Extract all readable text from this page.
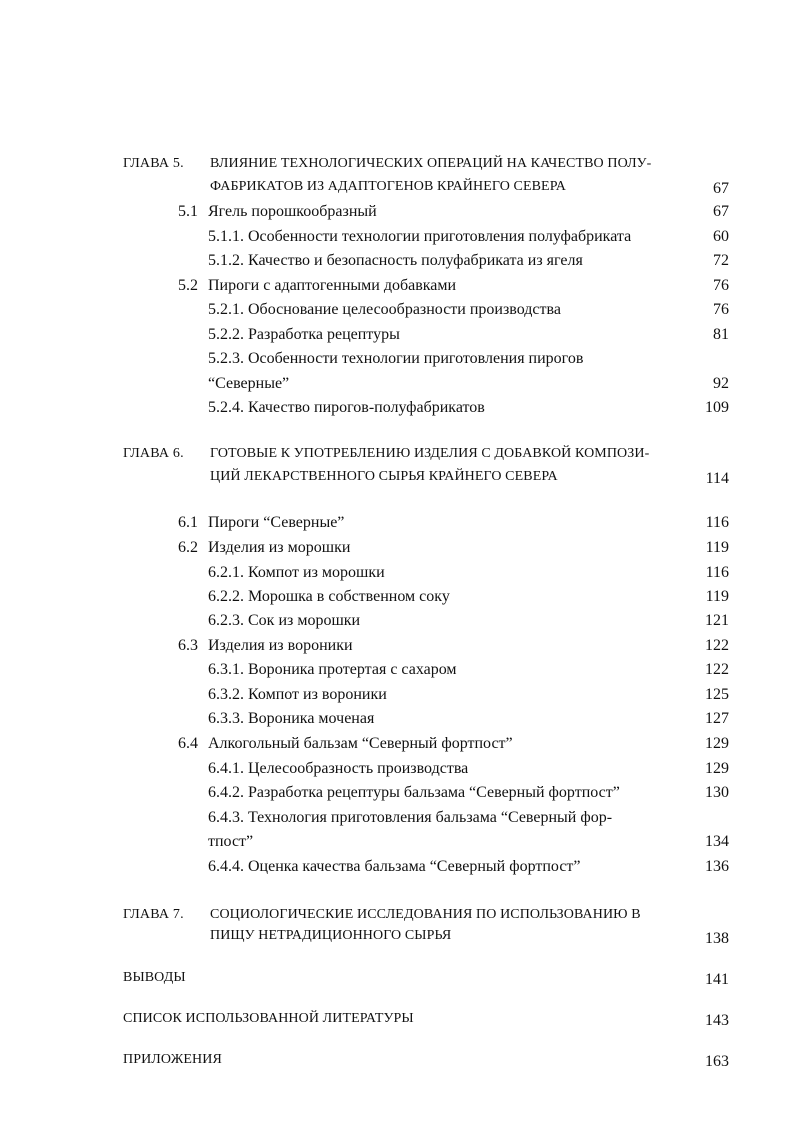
ГЛАВА 5. ВЛИЯНИЕ ТЕХНОЛОГИЧЕСКИХ ОПЕРАЦИЙ НА КАЧЕСТВО ПОЛУ-
ФАБРИКАТОВ ИЗ АДАПТОГЕНОВ КРАЙНЕГО СЕВЕРА	67
5.1 Ягель порошкообразный	67
5.1.1. Особенности технологии приготовления полуфабриката	60
5.1.2. Качество и безопасность полуфабриката из ягеля	72
5.2 Пироги с адаптогенными добавками	76
5.2.1. Обоснование целесообразности производства	76
5.2.2. Разработка рецептуры	81
5.2.3. Особенности технологии приготовления пирогов
“Северные”	92
5.2.4. Качество пирогов-полуфабрикатов	109
ГЛАВА 6. ГОТОВЫЕ К УПОТРЕБЛЕНИЮ ИЗДЕЛИЯ С ДОБАВКОЙ КОМПОЗИ-
ЦИЙ ЛЕКАРСТВЕННОГО СЫРЬЯ КРАЙНЕГО СЕВЕРА	114
6.1 Пироги “Северные”	116
6.2 Изделия из морошки	119
6.2.1. Компот из морошки	116
6.2.2. Морошка в собственном соку	119
6.2.3. Сок из морошки	121
6.3 Изделия из вороники	122
6.3.1. Вороника протертая с сахаром	122
6.3.2. Компот из вороники	125
6.3.3. Вороника моченая	127
6.4 Алкогольный бальзам “Северный фортпост”	129
6.4.1. Целесообразность производства	129
6.4.2. Разработка рецептуры бальзама “Северный фортпост”	130
6.4.3. Технология приготовления бальзама “Северный фор-
тпост”	134
6.4.4. Оценка качества бальзама “Северный фортпост”	136
ГЛАВА 7. СОЦИОЛОГИЧЕСКИЕ ИССЛЕДОВАНИЯ ПО ИСПОЛЬЗОВАНИЮ В
ПИЩУ НЕТРАДИЦИОННОГО СЫРЬЯ	138
ВЫВОДЫ	141
СПИСОК ИСПОЛЬЗОВАННОЙ ЛИТЕРАТУРЫ	143
ПРИЛОЖЕНИЯ	163
